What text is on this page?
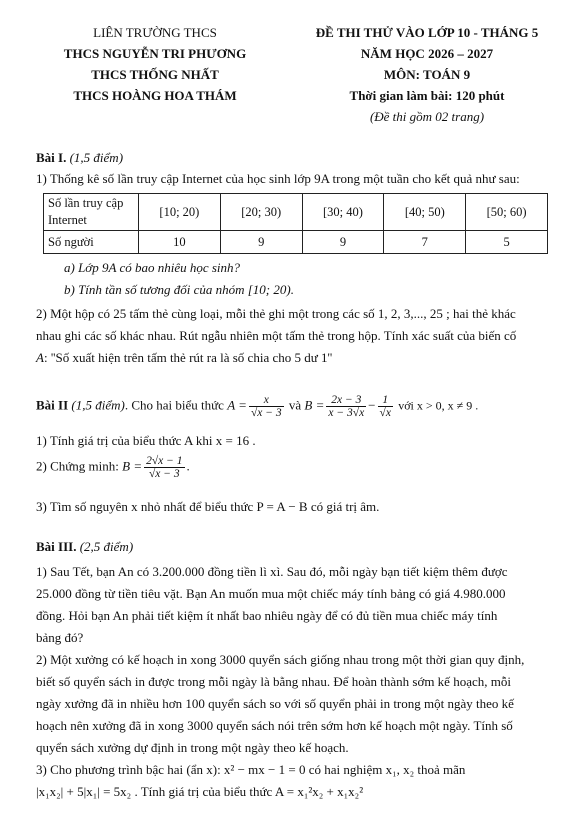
LIÊN TRƯỜNG THCS
THCS NGUYỄN TRI PHƯƠNG
THCS THỐNG NHẤT
THCS HOÀNG HOA THÁM
ĐỀ THI THỬ VÀO LỚP 10 - THÁNG 5
NĂM HỌC 2026 – 2027
MÔN: TOÁN 9
Thời gian làm bài: 120 phút
(Đề thi gồm 02 trang)
Bài I. (1,5 điểm)
1) Thống kê số lần truy cập Internet của học sinh lớp 9A trong một tuần cho kết quả như sau:
Số lần truy cập Internet	[10; 20)	[20; 30)	[30; 40)	[40; 50)	[50; 60)
Số người	10	9	9	7	5
a) Lớp 9A có bao nhiêu học sinh?
b) Tính tần số tương đối của nhóm [10; 20).
2) Một hộp có 25 tấm thẻ cùng loại, mỗi thẻ ghi một trong các số 1, 2, 3,..., 25 ; hai thẻ khác
nhau ghi các số khác nhau. Rút ngẫu nhiên một tấm thẻ trong hộp. Tính xác suất của biến cố
A: ''Số xuất hiện trên tấm thẻ rút ra là số chia cho 5 dư 1''
Bài II (1,5 điểm). Cho hai biểu thức $A = \frac{x}{√x - 3}$ và $B = \frac{2x - 3}{x - 3√x} - \frac{1}{√x}$ với x > 0, x ≠ 9 .
1) Tính giá trị của biểu thức A khi x = 16 .
2) Chứng minh: $B = \frac{2√x - 1}{√x - 3}$ .
3) Tìm số nguyên x nhỏ nhất để biểu thức P = A − B có giá trị âm.
Bài III. (2,5 điểm)
1) Sau Tết, bạn An có 3.200.000 đồng tiền lì xì. Sau đó, mỗi ngày bạn tiết kiệm thêm được
25.000 đồng từ tiền tiêu vặt. Bạn An muốn mua một chiếc máy tính bảng có giá 4.980.000
đồng. Hỏi bạn An phải tiết kiệm ít nhất bao nhiêu ngày để có đủ tiền mua chiếc máy tính
bảng đó?
2) Một xưởng có kế hoạch in xong 3000 quyển sách giống nhau trong một thời gian quy định,
biết số quyển sách in được trong mỗi ngày là bằng nhau. Để hoàn thành sớm kế hoạch, mỗi
ngày xưởng đã in nhiều hơn 100 quyển sách so với số quyển phải in trong một ngày theo kế
hoạch nên xưởng đã in xong 3000 quyển sách nói trên sớm hơn kế hoạch một ngày. Tính số
quyển sách xưởng dự định in trong một ngày theo kế hoạch.
3) Cho phương trình bậc hai (ẩn x): x² − mx − 1 = 0 có hai nghiệm x₁, x₂ thoả mãn
|x₁x₂| + 5|x₁| = 5x₂ . Tính giá trị của biểu thức A = x₁²x₂ + x₁x₂²
